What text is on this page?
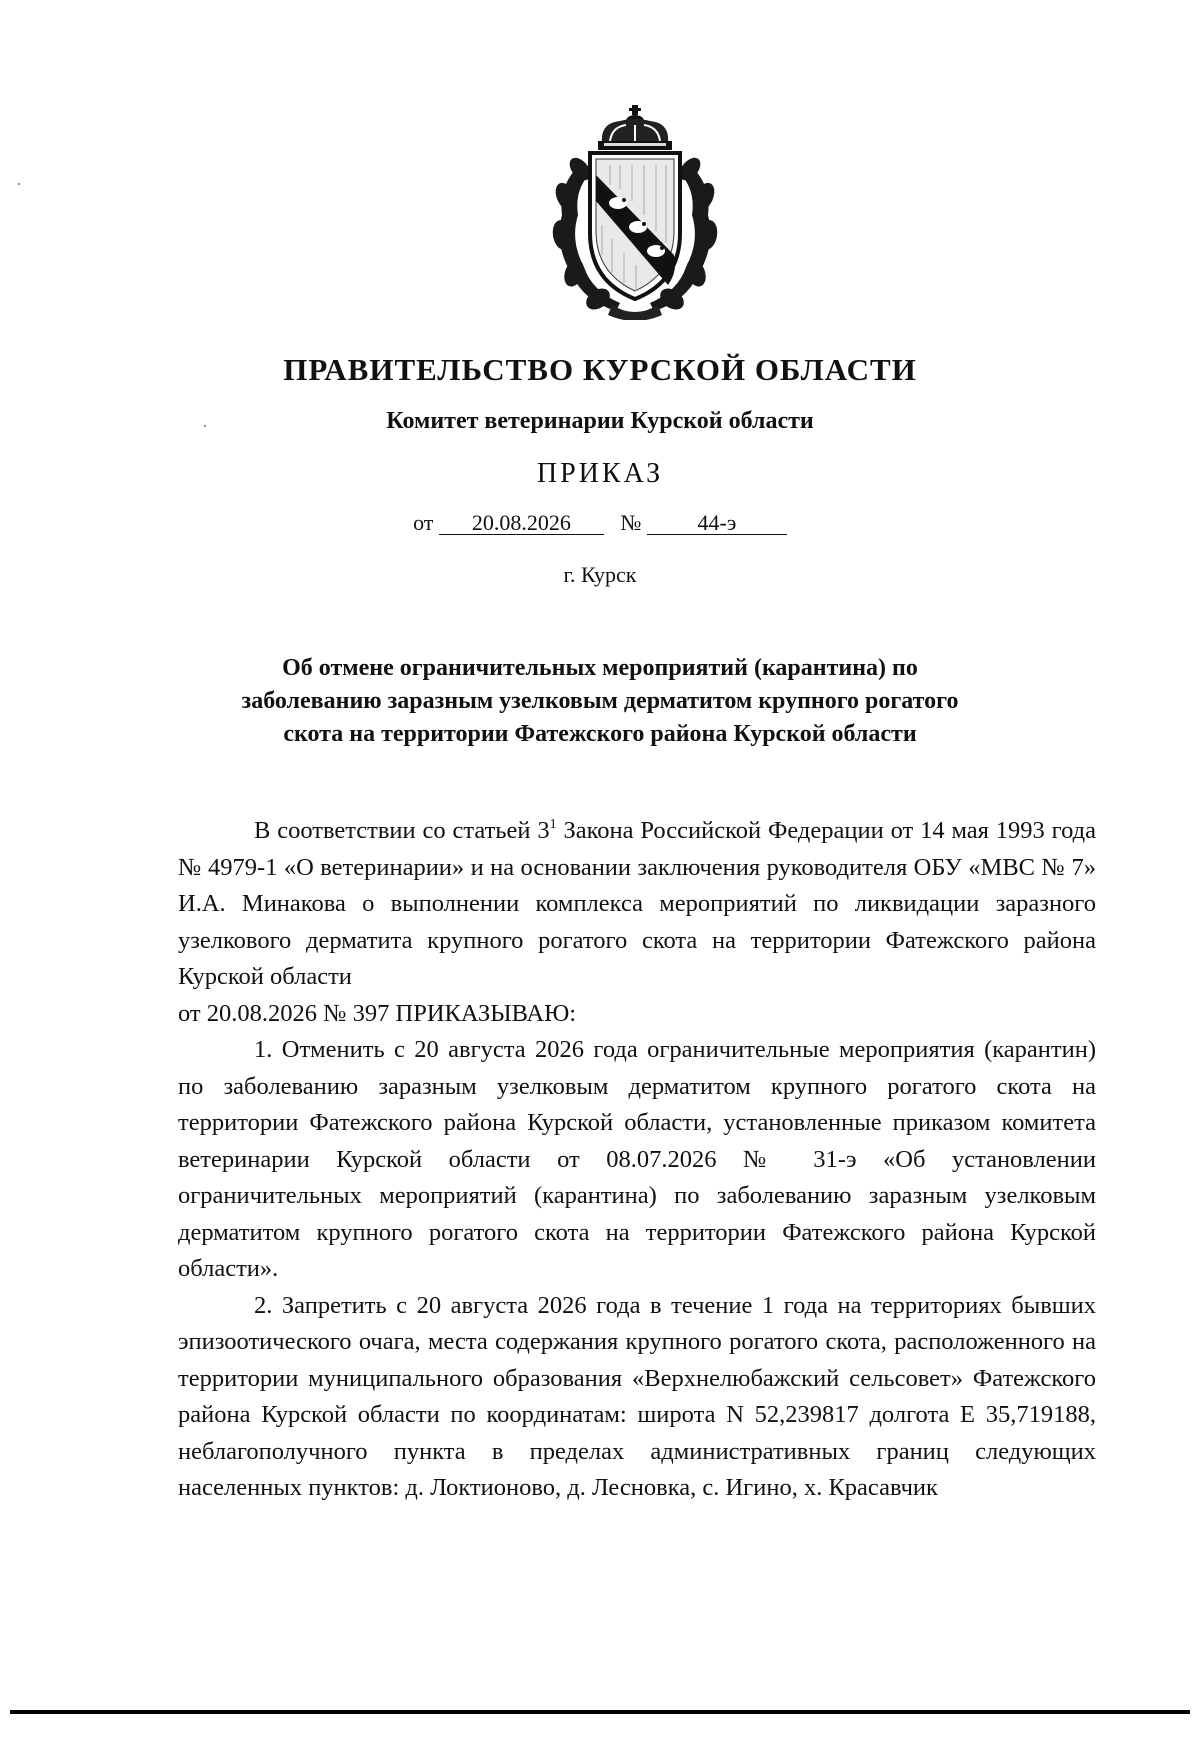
ПРАВИТЕЛЬСТВО КУРСКОЙ ОБЛАСТИ
Комитет ветеринарии Курской области
ПРИКАЗ
от 20.08.2026 №	44-э
г. Курск
Об отмене ограничительных мероприятий (карантина) по
заболеванию заразным узелковым дерматитом крупного рогатого
скота на территории Фатежского района Курской области

В соответствии со статьей $3^1$ Закона Российской Федерации от 14 мая 1993 года № 4979-1 «О ветеринарии» и на основании заключения руководителя ОБУ «МВС № 7» И.А. Минакова о выполнении комплекса мероприятий по ликвидации заразного узелкового дерматита крупного рогатого скота на территории Фатежского района Курской области

от 20.08.2026 № 397 ПРИКАЗЫВАЮ:

1. Отменить с 20 августа 2026 года ограничительные мероприятия (карантин) по заболеванию заразным узелковым дерматитом крупного рогатого скота на территории Фатежского района Курской области, установленные приказом комитета ветеринарии Курской области от 08.07.2026 № 31-э «Об установлении ограничительных мероприятий (карантина) по заболеванию заразным узелковым дерматитом крупного рогатого скота на территории Фатежского района Курской области».

2. Запретить с 20 августа 2026 года в течение 1 года на территориях бывших эпизоотического очага, места содержания крупного рогатого скота, расположенного на территории муниципального образования «Верхнелюбажский сельсовет» Фатежского района Курской области по координатам: широта N 52,239817 долгота E 35,719188, неблагополучного пункта в пределах административных границ следующих населенных пунктов: д. Локтионово, д. Лесновка, с. Игино, х. Красавчик
